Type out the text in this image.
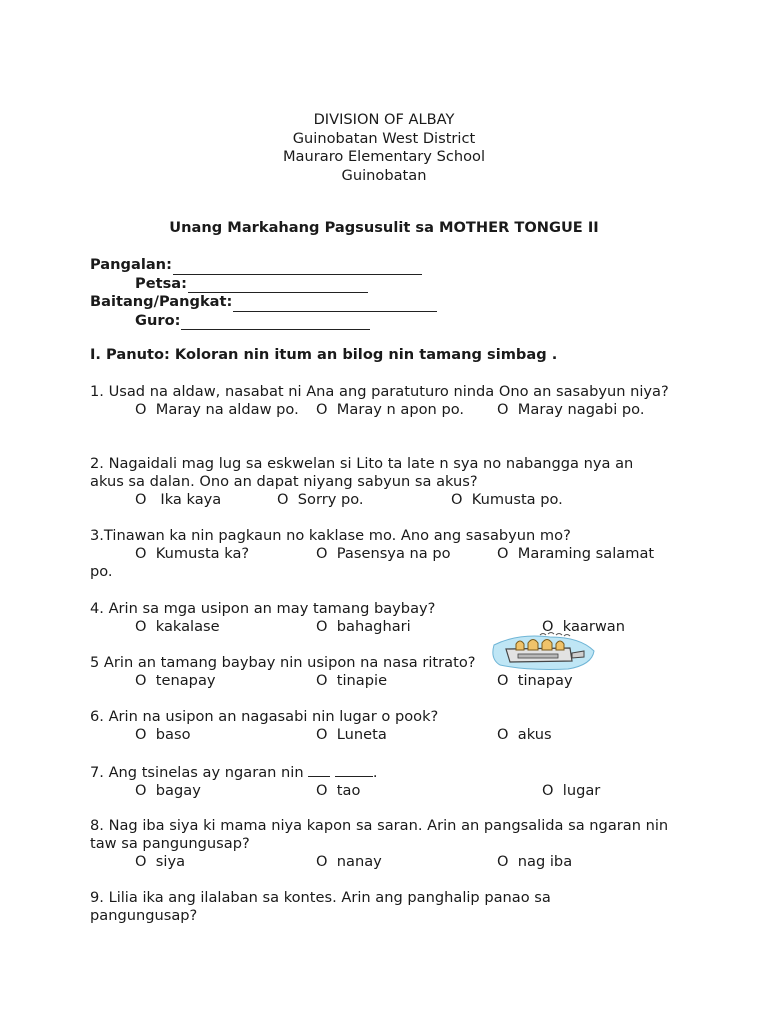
DIVISION OF ALBAY
Guinobatan West District
Mauraro Elementary School
Guinobatan
Unang Markahang Pagsusulit sa MOTHER TONGUE II
Pangalan:
Petsa:
Baitang/Pangkat:
Guro:
I. Panuto: Koloran nin itum an bilog nin tamang simbag .
1. Usad na aldaw, nasabat ni Ana ang paratuturo ninda Ono an sasabyun niya?
O Maray na aldaw po. O Maray n apon po. O Maray nagabi po.
2. Nagaidali mag lug sa eskwelan si Lito ta late n sya no nabangga nya an akus sa dalan. Ono an dapat niyang sabyun sa akus?
O Ika kaya	O Sorry po.	O Kumusta po.
3.Tinawan ka nin pagkaun no kaklase mo. Ano ang sasabyun mo?
O Kumusta ka?	O Pasensya na po	O Maraming salamat
po.
4. Arin sa mga usipon an may tamang baybay?
O kakalase	O bahaghari	O kaarwan
5 Arin an tamang baybay nin usipon na nasa ritrato?
O tenapay	O tinapie	O tinapay
6. Arin na usipon an nagasabi nin lugar o pook?
O baso	O Luneta	O akus
7. Ang tsinelas ay ngaran nin	.
O bagay	O tao	O lugar
8. Nag iba siya ki mama niya kapon sa saran. Arin an pangsalida sa ngaran nin taw sa pangungusap?
O siya	O nanay	O nag iba
9. Lilia ika ang ilalaban sa kontes. Arin ang panghalip panao sa pangungusap?
